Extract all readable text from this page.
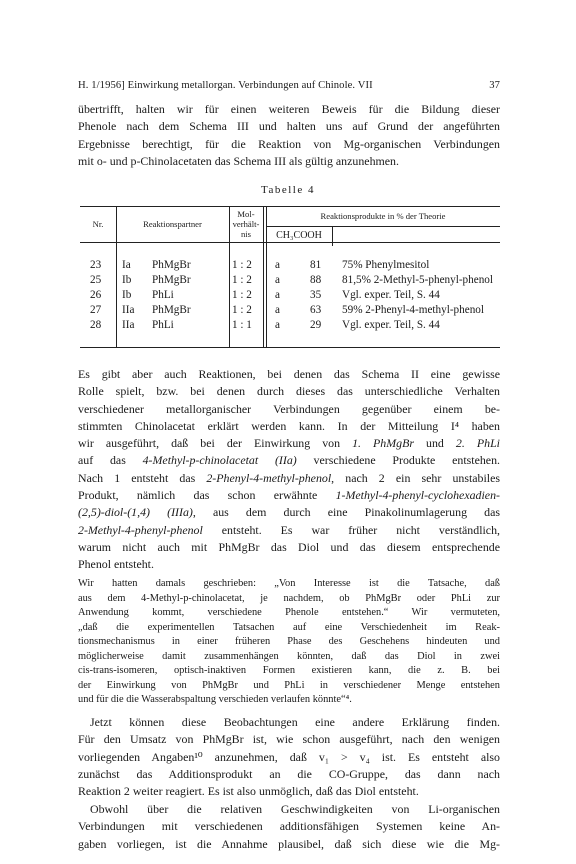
H. 1/1956] Einwirkung metallorgan. Verbindungen auf Chinole. VII	37
übertrifft, halten wir für einen weiteren Beweis für die Bildung dieser
Phenole nach dem Schema III und halten uns auf Grund der angeführten
Ergebnisse berechtigt, für die Reaktion von Mg-organischen Verbindungen
mit o- und p-Chinolacetaten das Schema III als gültig anzunehmen.
Tabelle 4
Nr.	Reaktionspartner
Mol-
verhält-
nis
Reaktionsprodukte in % der Theorie
CH₃COOH
23 Ia PhMgBr	1 : 2 a	81 75% Phenylmesitol
25 Ib PhMgBr	1 : 2 a	88 81,5% 2-Methyl-5-phenyl-phenol
26 Ib PhLi	1 : 2 a	35 Vgl. exper. Teil, S. 44
27 IIa PhMgBr	1 : 2 a	63 59% 2-Phenyl-4-methyl-phenol
28 IIa PhLi	1 : 1 a	29 Vgl. exper. Teil, S. 44
Es gibt aber auch Reaktionen, bei denen das Schema II eine gewisse
Rolle spielt, bzw. bei denen durch dieses das unterschiedliche Verhalten
verschiedener metallorganischer Verbindungen gegenüber einem be-
stimmten Chinolacetat erklärt werden kann. In der Mitteilung I⁴ haben
wir ausgeführt, daß bei der Einwirkung von 1. PhMgBr und 2. PhLi
auf das 4-Methyl-p-chinolacetat (IIa) verschiedene Produkte entstehen.
Nach 1 entsteht das 2-Phenyl-4-methyl-phenol, nach 2 ein sehr unstabiles
Produkt, nämlich das schon erwähnte 1-Methyl-4-phenyl-cyclohexadien-
(2,5)-diol-(1,4) (IIIa), aus dem durch eine Pinakolinumlagerung das
2-Methyl-4-phenyl-phenol entsteht. Es war früher nicht verständlich,
warum nicht auch mit PhMgBr das Diol und das diesem entsprechende
Phenol entsteht.
Wir hatten damals geschrieben: „Von Interesse ist die Tatsache, daß
aus dem 4-Methyl-p-chinolacetat, je nachdem, ob PhMgBr oder PhLi zur
Anwendung kommt, verschiedene Phenole entstehen.“ Wir vermuteten,
„daß die experimentellen Tatsachen auf eine Verschiedenheit im Reak-
tionsmechanismus in einer früheren Phase des Geschehens hindeuten und
möglicherweise damit zusammenhängen könnten, daß das Diol in zwei
cis-trans-isomeren, optisch-inaktiven Formen existieren kann, die z. B. bei
der Einwirkung von PhMgBr und PhLi in verschiedener Menge entstehen
und für die die Wasserabspaltung verschieden verlaufen könnte“⁴.
Jetzt können diese Beobachtungen eine andere Erklärung finden.
Für den Umsatz von PhMgBr ist, wie schon ausgeführt, nach den wenigen
vorliegenden Angaben¹⁰ anzunehmen, daß v₁ > v₄ ist. Es entsteht also
zunächst das Additionsprodukt an die CO-Gruppe, das dann nach
Reaktion 2 weiter reagiert. Es ist also unmöglich, daß das Diol entsteht.
Obwohl über die relativen Geschwindigkeiten von Li-organischen
Verbindungen mit verschiedenen additionsfähigen Systemen keine An-
gaben vorliegen, ist die Annahme plausibel, daß sich diese wie die Mg-
